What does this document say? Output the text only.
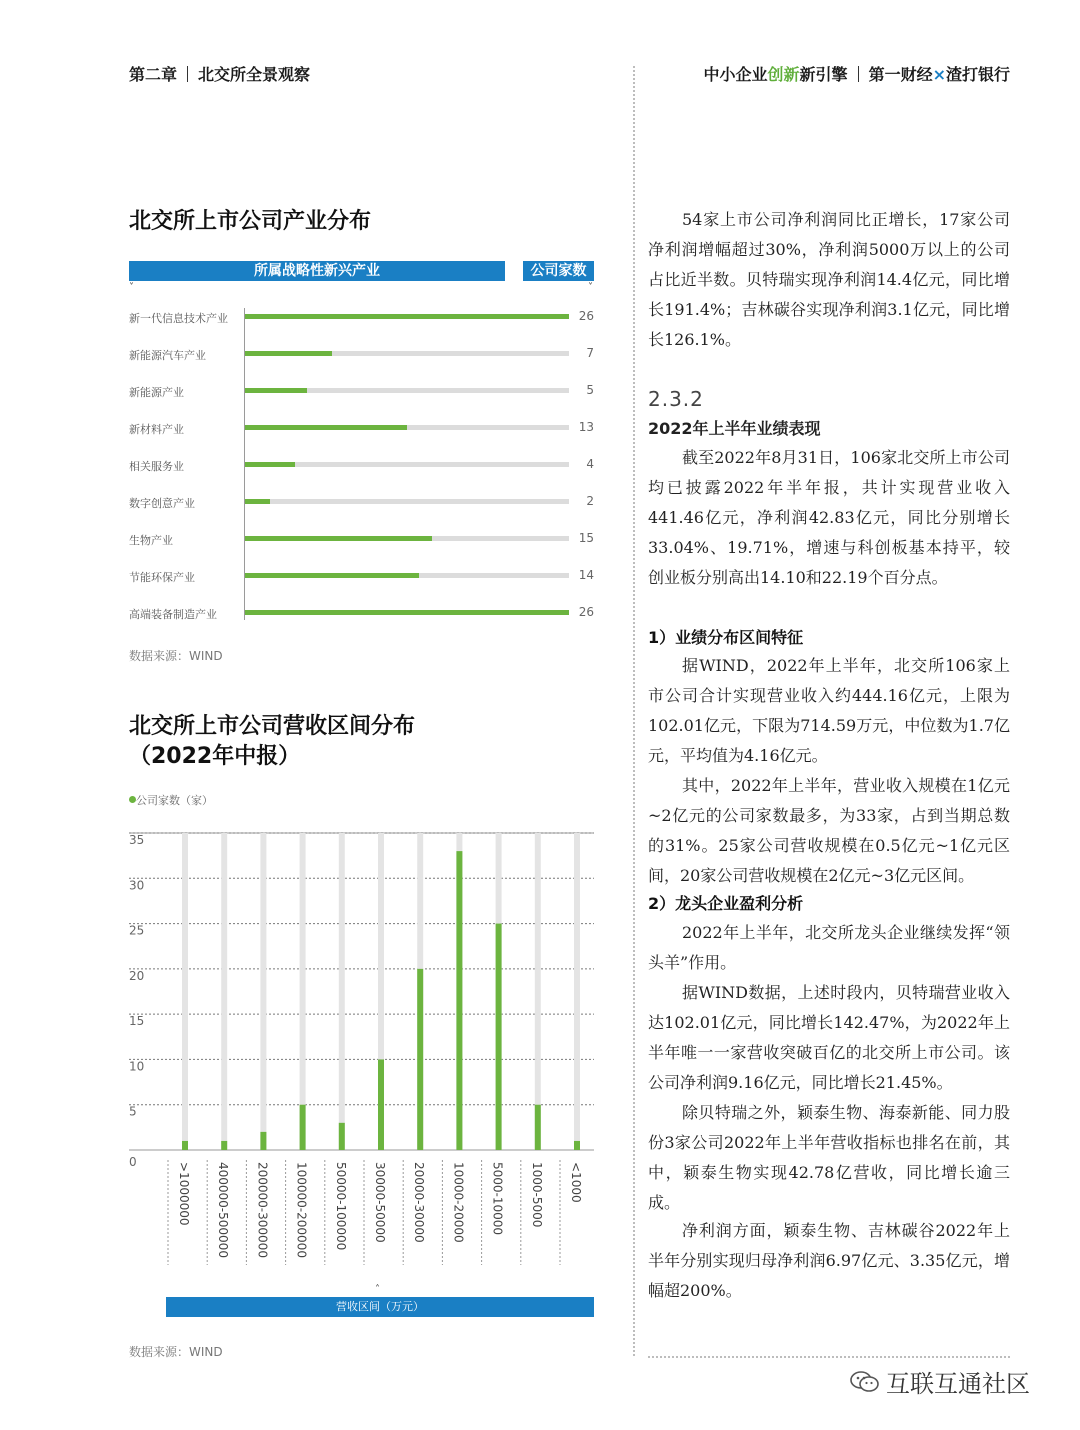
第二章 北交所全景观察	中小企业创新新引擎 第一财经×渣打银行
北交所上市公司产业分布
所属战略性新兴产业	公司家数
˅	˅
新一代信息技术产业	26
新能源汽车产业	7
新能源产业	5
新材料产业	13
相关服务业	4
数字创意产业	2
生物产业	15
节能环保产业	14
高端装备制造产业	26
数据来源：WIND
北交所上市公司营收区间分布
（2022年中报）
公司家数（家）
0
5
10
15
20
25
30
35
>1000000 400000-500000 200000-300000 100000-200000 50000-100000 30000-50000 20000-30000 10000-20000 5000-10000 1000-5000 <1000
˄
营收区间（万元）
数据来源：WIND

54家上市公司净利润同比正增长，17家公司净利润增幅超过30%，净利润5000万以上的公司占比近半数。贝特瑞实现净利润14.4亿元，同比增长191.4%；吉林碳谷实现净利润3.1亿元，同比增长126.1%。

2.3.2
2022年上半年业绩表现

截至2022年8月31日，106家北交所上市公司均已披露2022年半年报，共计实现营业收入441.46亿元，净利润42.83亿元，同比分别增长33.04%、19.71%，增速与科创板基本持平，较创业板分别高出14.10和22.19个百分点。

1）业绩分布区间特征

据WIND，2022年上半年，北交所106家上市公司合计实现营业收入约444.16亿元，上限为102.01亿元，下限为714.59万元，中位数为1.7亿元，平均值为4.16亿元。

其中，2022年上半年，营业收入规模在1亿元~2亿元的公司家数最多，为33家，占到当期总数的31%。25家公司营收规模在0.5亿元~1亿元区间，20家公司营收规模在2亿元~3亿元区间。

2）龙头企业盈利分析

2022年上半年，北交所龙头企业继续发挥“领头羊”作用。

据WIND数据，上述时段内，贝特瑞营业收入达102.01亿元，同比增长142.47%，为2022年上半年唯一一家营收突破百亿的北交所上市公司。该公司净利润9.16亿元，同比增长21.45%。

除贝特瑞之外，颖泰生物、海泰新能、同力股份3家公司2022年上半年营收指标也排名在前，其中，颖泰生物实现42.78亿营收，同比增长逾三成。

净利润方面，颖泰生物、吉林碳谷2022年上半年分别实现归母净利润6.97亿元、3.35亿元，增幅超200%。

互联互通社区
